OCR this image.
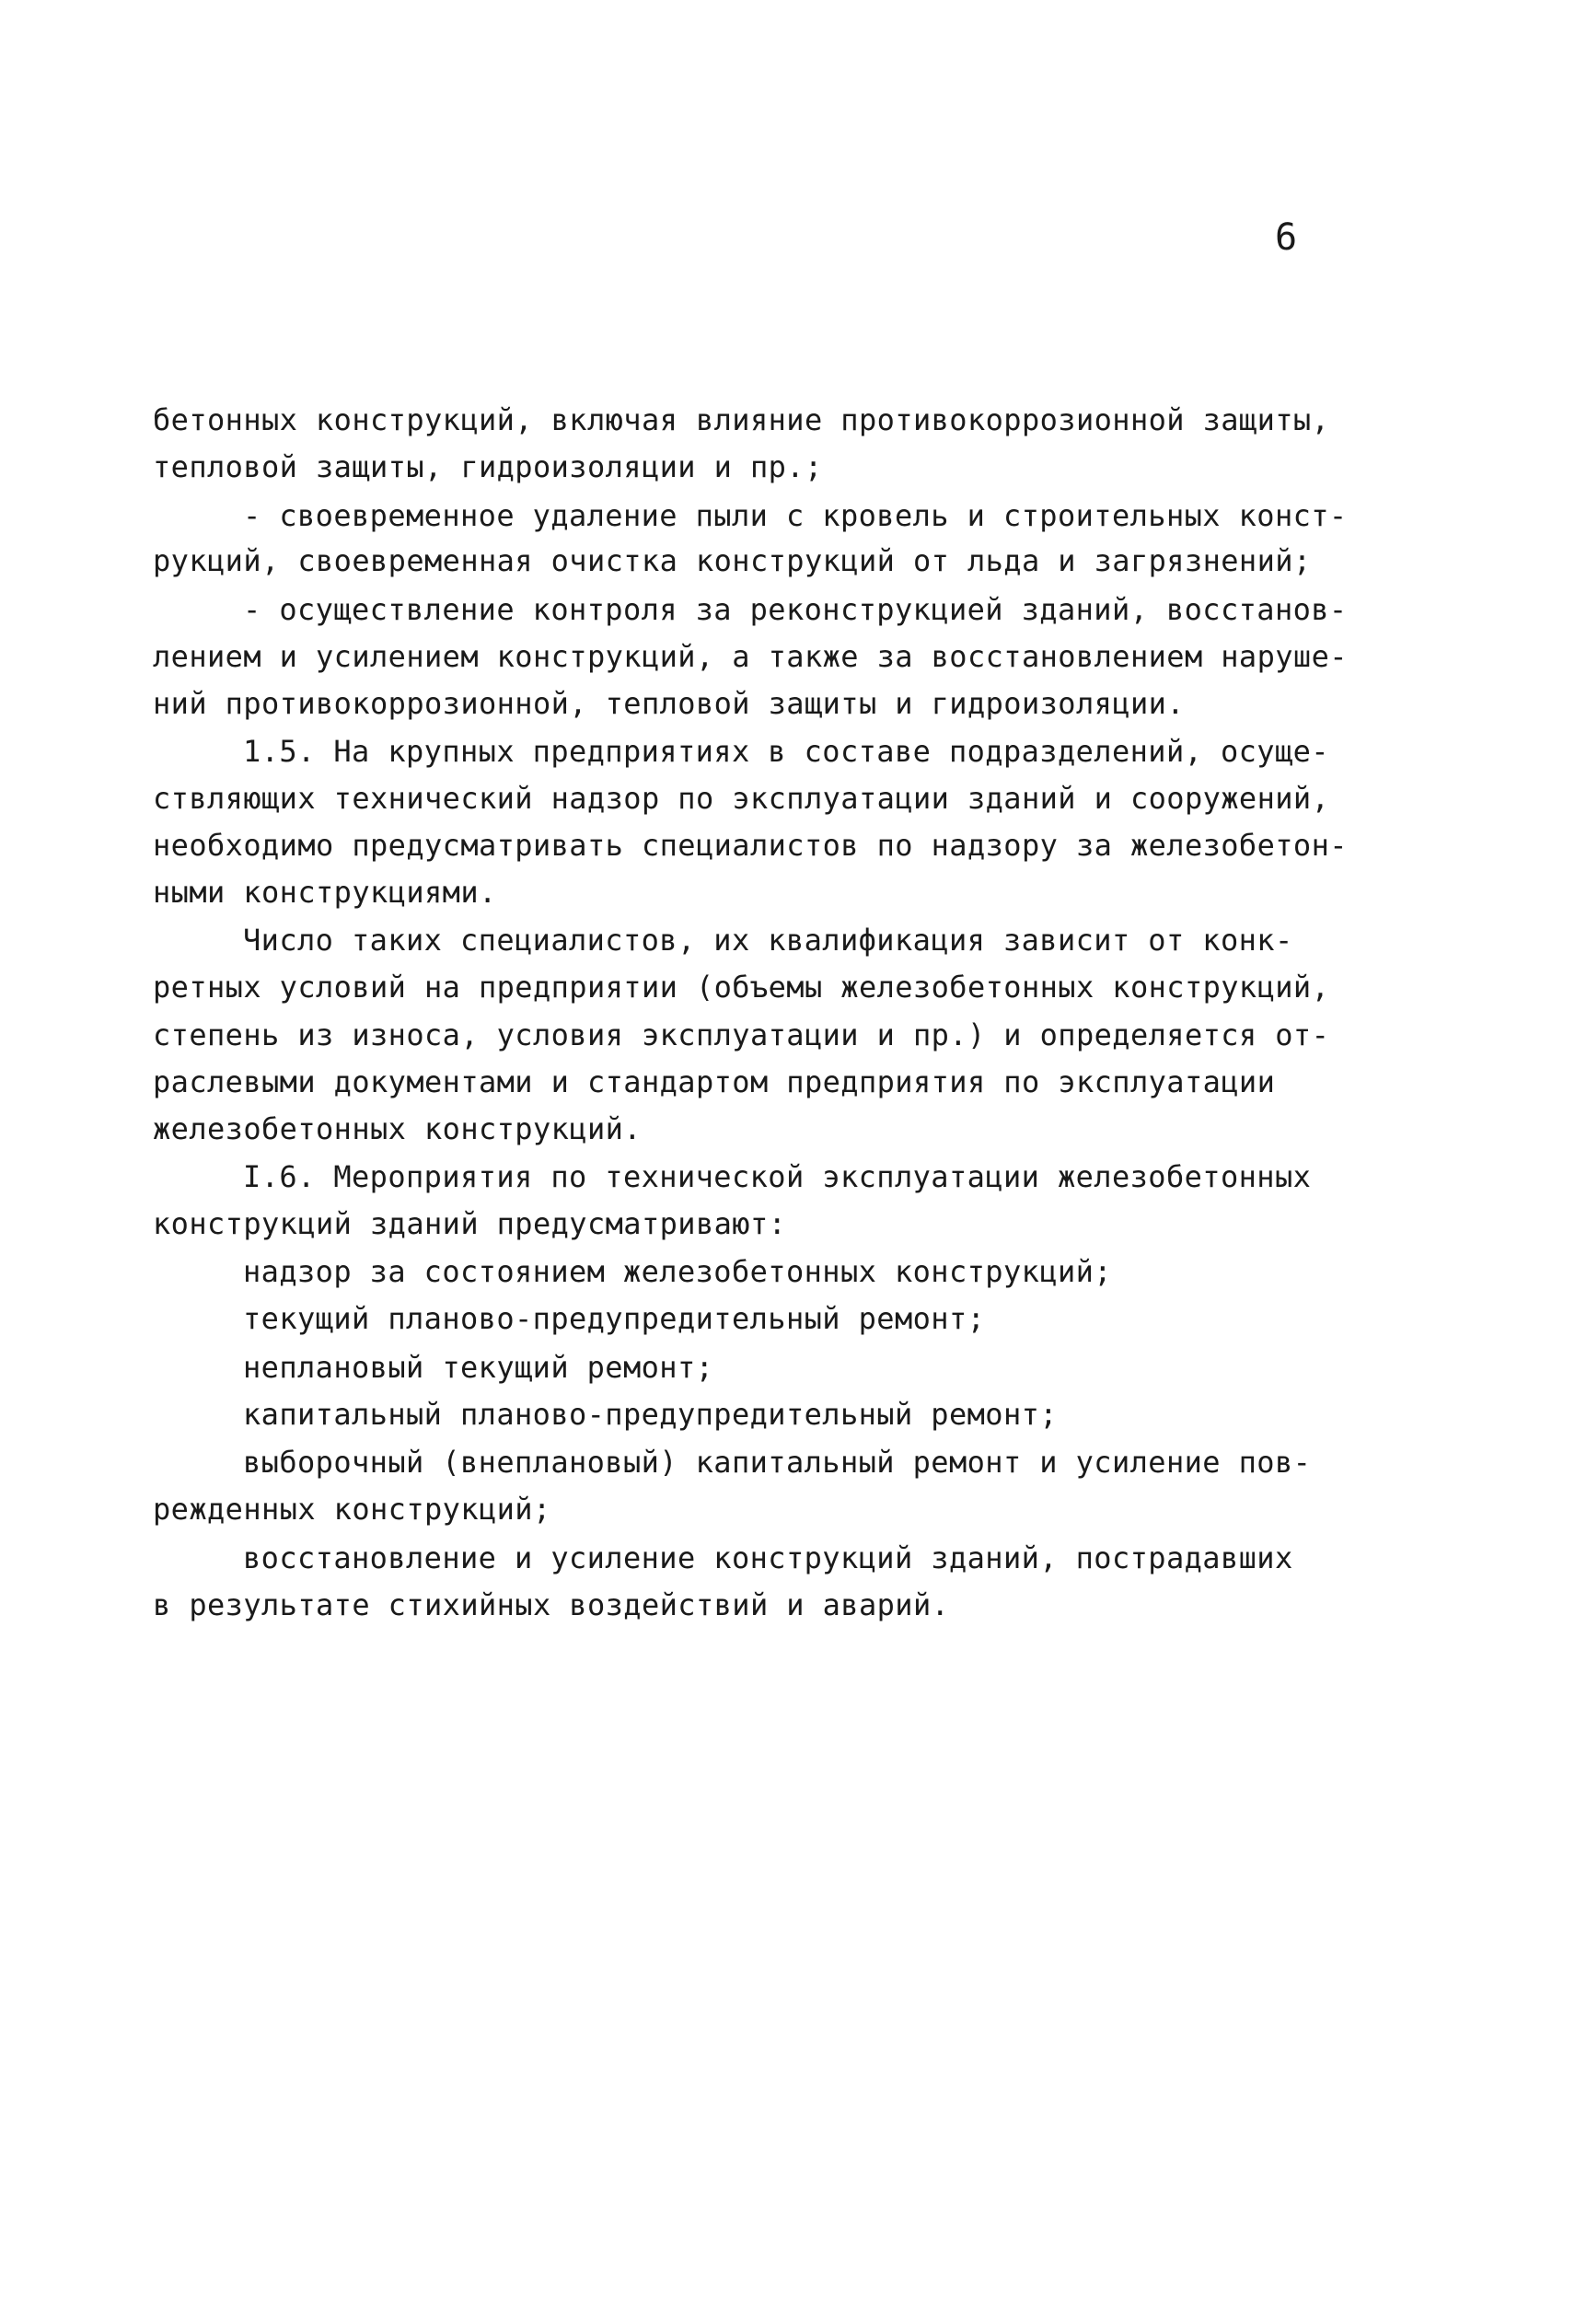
6
бетонных конструкций, включая влияние противокоррозионной защиты,
тепловой защиты, гидроизоляции и пр.;
- своевременное удаление пыли с кровель и строительных конст-
рукций, своевременная очистка конструкций от льда и загрязнений;
- осуществление контроля за реконструкцией зданий, восстанов-
лением и усилением конструкций, а также за восстановлением наруше-
ний противокоррозионной, тепловой защиты и гидроизоляции.
1.5. На крупных предприятиях в составе подразделений, осуще-
ствляющих технический надзор по эксплуатации зданий и сооружений,
необходимо предусматривать специалистов по надзору за железобетон-
ными конструкциями.
Число таких специалистов, их квалификация зависит от конк-
ретных условий на предприятии (объемы железобетонных конструкций,
степень из износа, условия эксплуатации и пр.) и определяется от-
раслевыми документами и стандартом предприятия по эксплуатации
железобетонных конструкций.
I.6. Мероприятия по технической эксплуатации железобетонных
конструкций зданий предусматривают:
надзор за состоянием железобетонных конструкций;
текущий планово-предупредительный ремонт;
неплановый текущий ремонт;
капитальный планово-предупредительный ремонт;
выборочный (внеплановый) капитальный ремонт и усиление пов-
режденных конструкций;
восстановление и усиление конструкций зданий, пострадавших
в результате стихийных воздействий и аварий.
